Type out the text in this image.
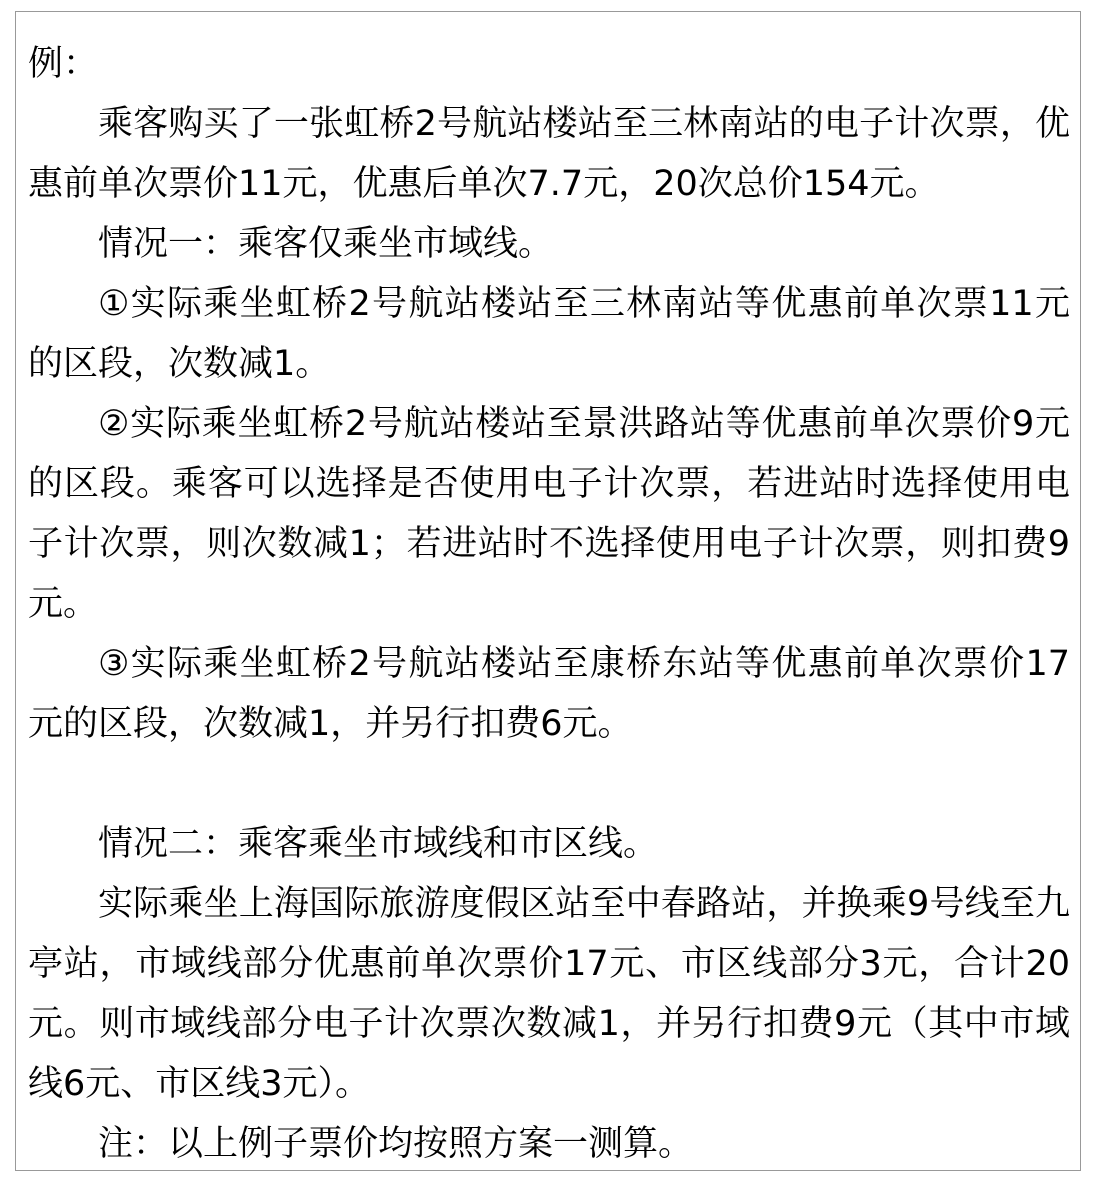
例：

乘客购买了一张虹桥2号航站楼站至三林南站的电子计次票，优惠前单次票价11元，优惠后单次7.7元，20次总价154元。

情况一：乘客仅乘坐市域线。

①实际乘坐虹桥2号航站楼站至三林南站等优惠前单次票11元的区段，次数减1。

②实际乘坐虹桥2号航站楼站至景洪路站等优惠前单次票价9元的区段。乘客可以选择是否使用电子计次票，若进站时选择使用电子计次票，则次数减1；若进站时不选择使用电子计次票，则扣费9元。

③实际乘坐虹桥2号航站楼站至康桥东站等优惠前单次票价17元的区段，次数减1，并另行扣费6元。

情况二：乘客乘坐市域线和市区线。

实际乘坐上海国际旅游度假区站至中春路站，并换乘9号线至九亭站，市域线部分优惠前单次票价17元、市区线部分3元，合计20元。则市域线部分电子计次票次数减1，并另行扣费9元（其中市域线6元、市区线3元）。

注：以上例子票价均按照方案一测算。
